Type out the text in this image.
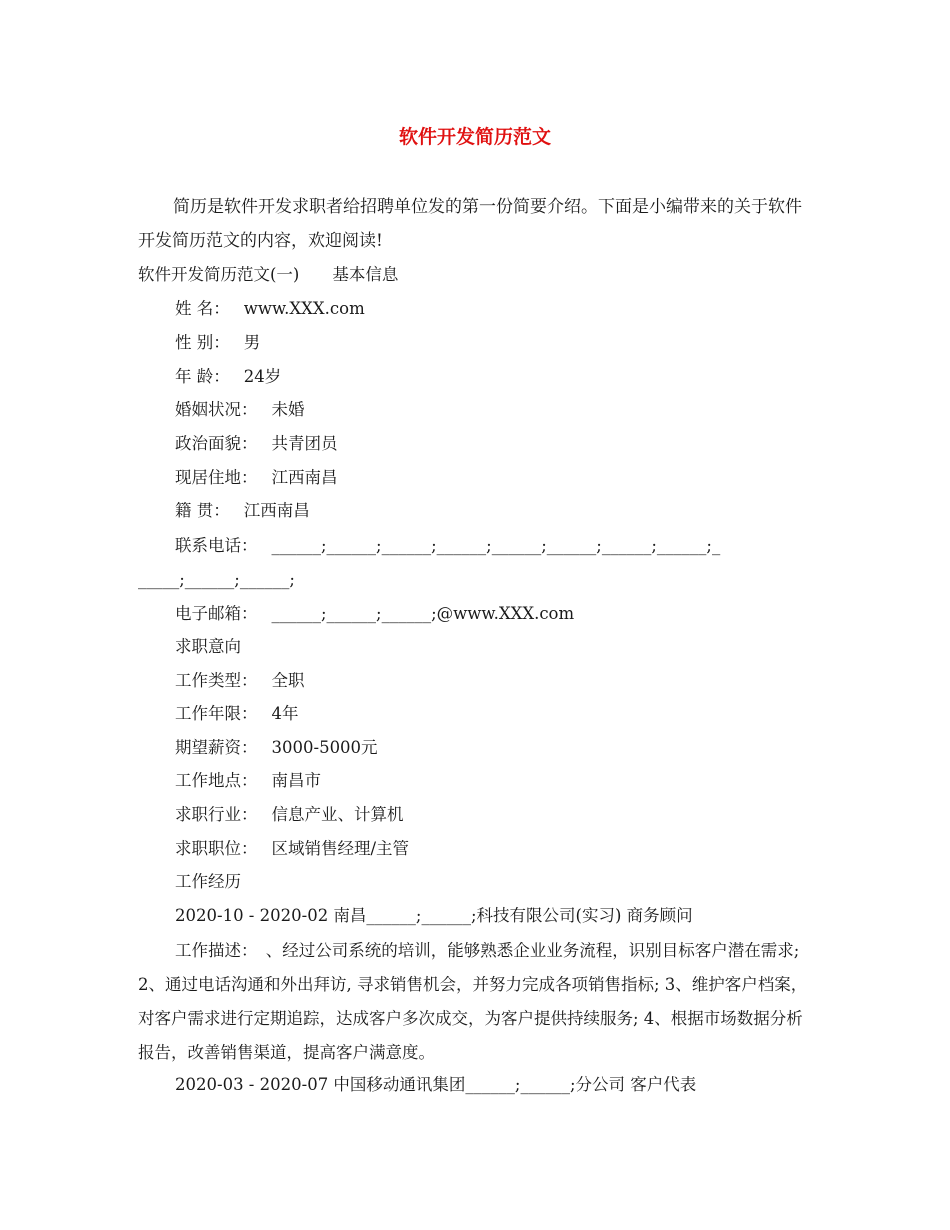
软件开发简历范文
简历是软件开发求职者给招聘单位发的第一份简要介绍。下面是小编带来的关于软件开发简历范文的内容，欢迎阅读!
软件开发简历范文(一)　　基本信息
姓 名： www.XXX.com
性 别： 男
年 龄： 24岁
婚姻状况： 未婚
政治面貌： 共青团员
现居住地： 江西南昌
籍 贯： 江西南昌
联系电话： ______;______;______;______;______;______;______;______;_
_____;______;______;
电子邮箱： ______;______;______;@www.XXX.com
求职意向
工作类型： 全职
工作年限： 4年
期望薪资： 3000-5000元
工作地点： 南昌市
求职行业： 信息产业、计算机
求职职位： 区域销售经理/主管
工作经历
2020-10 - 2020-02 南昌______;______;科技有限公司(实习) 商务顾问
工作描述：　、经过公司系统的培训，能够熟悉企业业务流程，识别目标客户潜在需求; 2、通过电话沟通和外出拜访, 寻求销售机会，并努力完成各项销售指标; 3、维护客户档案，对客户需求进行定期追踪，达成客户多次成交，为客户提供持续服务; 4、根据市场数据分析报告，改善销售渠道，提高客户满意度。
2020-03 - 2020-07 中国移动通讯集团______;______;分公司 客户代表
